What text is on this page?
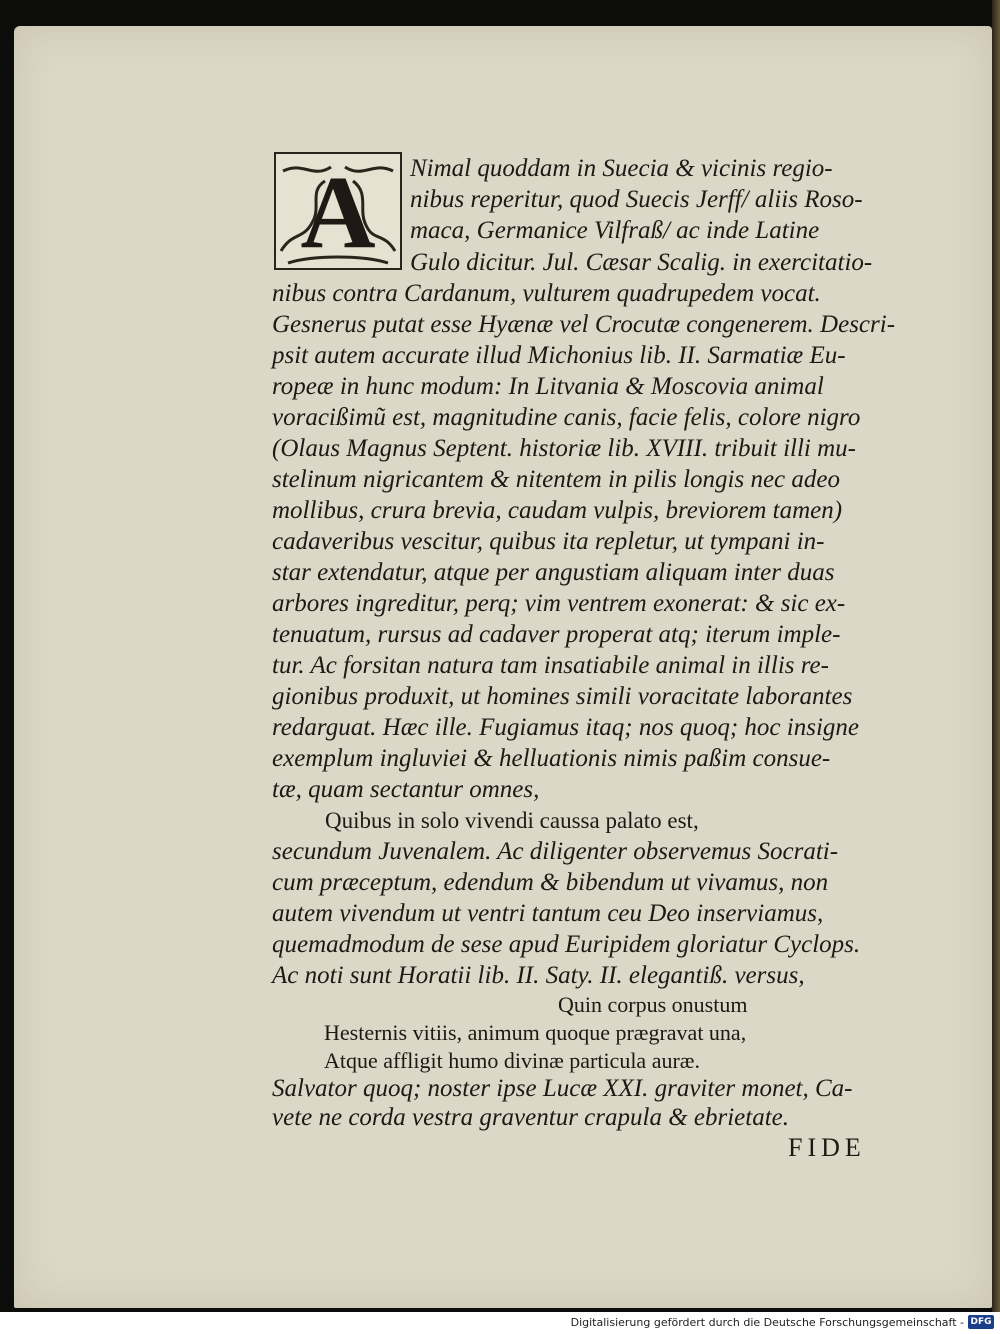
A Nimal quoddam in Suecia & vicinis regio-
nibus reperitur, quod Suecis Jerff/ aliis Roso-
maca, Germanice Vilfraß/ ac inde Latine
Gulo dicitur. Jul. Cæsar Scalig. in exercitatio-
nibus contra Cardanum, vulturem quadrupedem vocat.
Gesnerus putat esse Hyænæ vel Crocutæ congenerem. Descri-
psit autem accurate illud Michonius lib. II. Sarmatiæ Eu-
ropeæ in hunc modum: In Litvania & Moscovia animal
voracißimũ est, magnitudine canis, facie felis, colore nigro
(Olaus Magnus Septent. historiæ lib. XVIII. tribuit illi mu-
stelinum nigricantem & nitentem in pilis longis nec adeo
mollibus, crura brevia, caudam vulpis, breviorem tamen)
cadaveribus vescitur, quibus ita repletur, ut tympani in-
star extendatur, atque per angustiam aliquam inter duas
arbores ingreditur, perq; vim ventrem exonerat: & sic ex-
tenuatum, rursus ad cadaver properat atq; iterum imple-
tur. Ac forsitan natura tam insatiabile animal in illis re-
gionibus produxit, ut homines simili voracitate laborantes
redarguat. Hæc ille. Fugiamus itaq; nos quoq; hoc insigne
exemplum ingluviei & helluationis nimis paßim consue-
tæ, quam sectantur omnes,
Quibus in solo vivendi caussa palato est,
secundum Juvenalem. Ac diligenter observemus Socrati-
cum præceptum, edendum & bibendum ut vivamus, non
autem vivendum ut ventri tantum ceu Deo inserviamus,
quemadmodum de sese apud Euripidem gloriatur Cyclops.
Ac noti sunt Horatii lib. II. Saty. II. elegantiß. versus,
Quin corpus onustum
Hesternis vitiis, animum quoque prægravat una,
Atque affligit humo divinæ particula auræ.
Salvator quoq; noster ipse Lucæ XXI. graviter monet, Ca-
vete ne corda vestra graventur crapula & ebrietate.
FIDE
Digitalisierung gefördert durch die Deutsche Forschungsgemeinschaft - DFG
